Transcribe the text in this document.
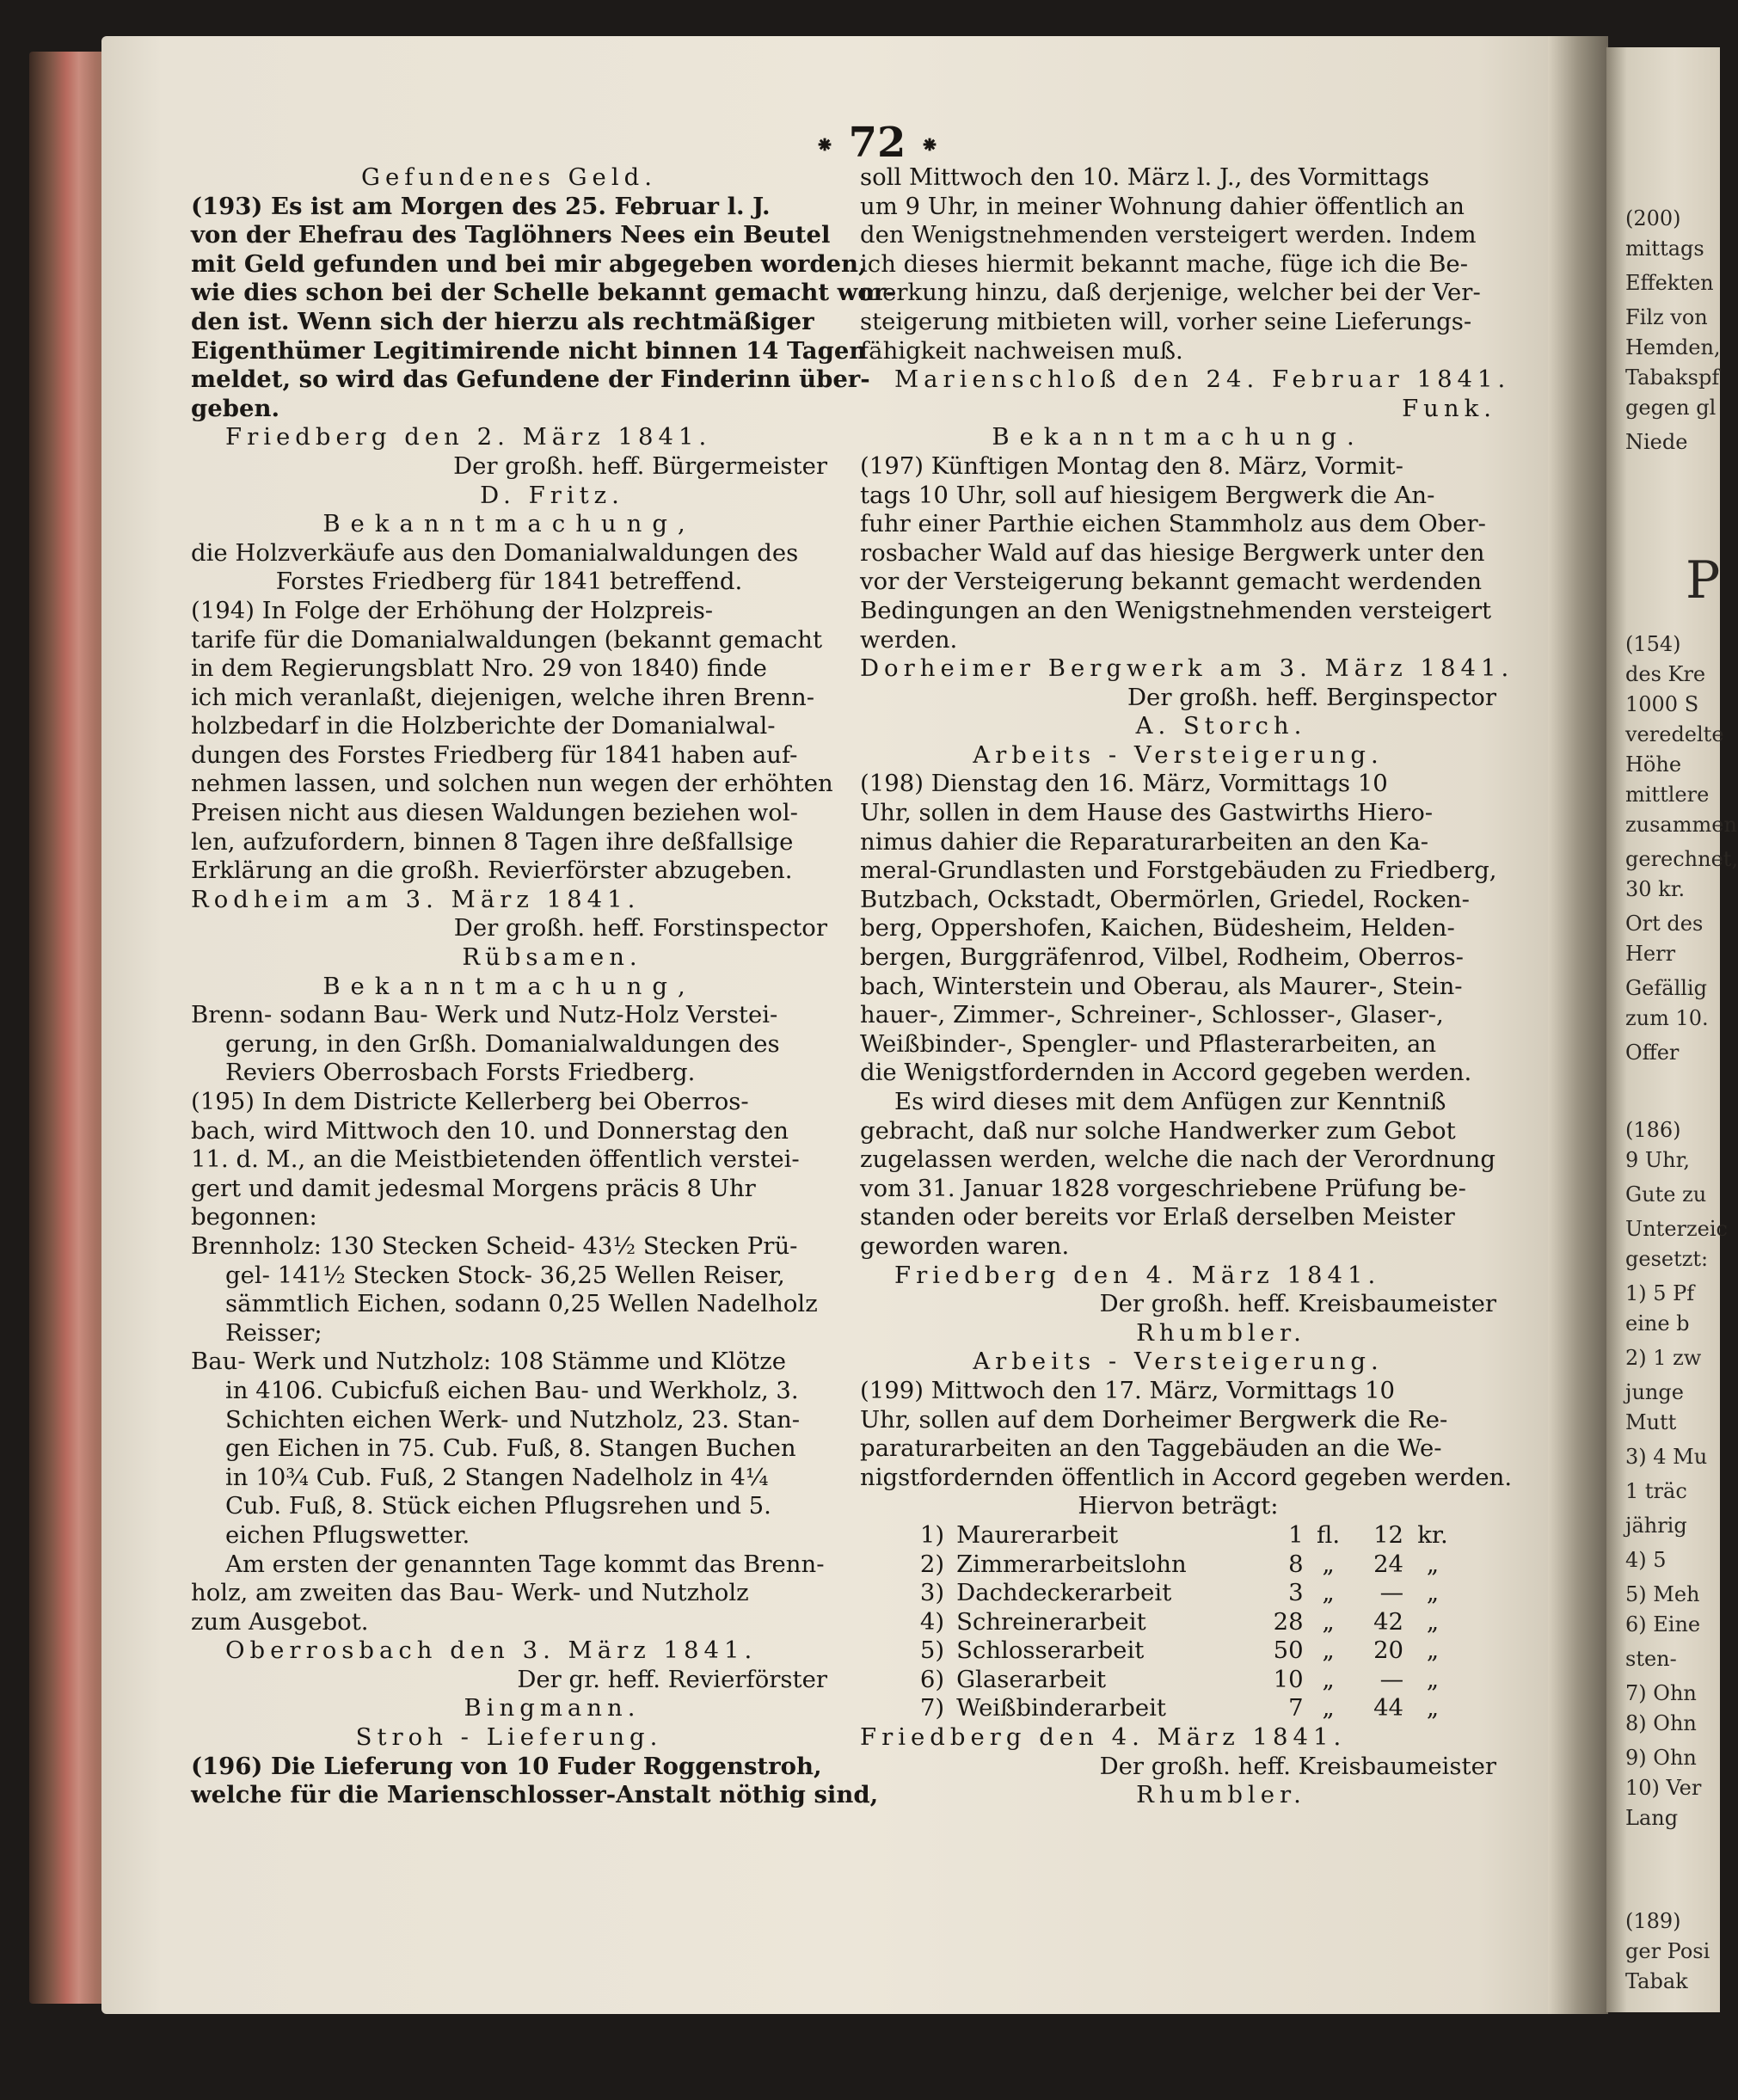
⁕ 72 ⁕
Gefundenes Geld.
(193) Es ist am Morgen des 25. Februar l. J.
von der Ehefrau des Taglöhners Nees ein Beutel
mit Geld gefunden und bei mir abgegeben worden,
wie dies schon bei der Schelle bekannt gemacht wor-
den ist. Wenn sich der hierzu als rechtmäßiger
Eigenthümer Legitimirende nicht binnen 14 Tagen
meldet, so wird das Gefundene der Finderinn über-
geben.
Friedberg den 2. März 1841.
Der großh. heff. Bürgermeister
D. Fritz.
Bekanntmachung,
die Holzverkäufe aus den Domanialwaldungen des
Forstes Friedberg für 1841 betreffend.
(194) In Folge der Erhöhung der Holzpreis-
tarife für die Domanialwaldungen (bekannt gemacht
in dem Regierungsblatt Nro. 29 von 1840) finde
ich mich veranlaßt, diejenigen, welche ihren Brenn-
holzbedarf in die Holzberichte der Domanialwal-
dungen des Forstes Friedberg für 1841 haben auf-
nehmen lassen, und solchen nun wegen der erhöhten
Preisen nicht aus diesen Waldungen beziehen wol-
len, aufzufordern, binnen 8 Tagen ihre deßfallsige
Erklärung an die großh. Revierförster abzugeben.
Rodheim am 3. März 1841.
Der großh. heff. Forstinspector
Rübsamen.
Bekanntmachung,
Brenn- sodann Bau- Werk und Nutz-Holz Verstei-
gerung, in den Grßh. Domanialwaldungen des
Reviers Oberrosbach Forsts Friedberg.
(195) In dem Districte Kellerberg bei Oberros-
bach, wird Mittwoch den 10. und Donnerstag den
11. d. M., an die Meistbietenden öffentlich verstei-
gert und damit jedesmal Morgens präcis 8 Uhr
begonnen:
Brennholz: 130 Stecken Scheid- 43½ Stecken Prü-
gel- 141½ Stecken Stock- 36,25 Wellen Reiser,
sämmtlich Eichen, sodann 0,25 Wellen Nadelholz
Reisser;
Bau- Werk und Nutzholz: 108 Stämme und Klötze
in 4106. Cubicfuß eichen Bau- und Werkholz, 3.
Schichten eichen Werk- und Nutzholz, 23. Stan-
gen Eichen in 75. Cub. Fuß, 8. Stangen Buchen
in 10¾ Cub. Fuß, 2 Stangen Nadelholz in 4¼
Cub. Fuß, 8. Stück eichen Pflugsrehen und 5.
eichen Pflugswetter.
Am ersten der genannten Tage kommt das Brenn-
holz, am zweiten das Bau- Werk- und Nutzholz
zum Ausgebot.
Oberrosbach den 3. März 1841.
Der gr. heff. Revierförster
Bingmann.
Stroh - Lieferung.
(196) Die Lieferung von 10 Fuder Roggenstroh,
welche für die Marienschlosser-Anstalt nöthig sind,
soll Mittwoch den 10. März l. J., des Vormittags
um 9 Uhr, in meiner Wohnung dahier öffentlich an
den Wenigstnehmenden versteigert werden. Indem
ich dieses hiermit bekannt mache, füge ich die Be-
merkung hinzu, daß derjenige, welcher bei der Ver-
steigerung mitbieten will, vorher seine Lieferungs-
fähigkeit nachweisen muß.
Marienschloß den 24. Februar 1841.
Funk.
Bekanntmachung.
(197) Künftigen Montag den 8. März, Vormit-
tags 10 Uhr, soll auf hiesigem Bergwerk die An-
fuhr einer Parthie eichen Stammholz aus dem Ober-
rosbacher Wald auf das hiesige Bergwerk unter den
vor der Versteigerung bekannt gemacht werdenden
Bedingungen an den Wenigstnehmenden versteigert
werden.
Dorheimer Bergwerk am 3. März 1841.
Der großh. heff. Berginspector
A. Storch.
Arbeits - Versteigerung.
(198) Dienstag den 16. März, Vormittags 10
Uhr, sollen in dem Hause des Gastwirths Hiero-
nimus dahier die Reparaturarbeiten an den Ka-
meral-Grundlasten und Forstgebäuden zu Friedberg,
Butzbach, Ockstadt, Obermörlen, Griedel, Rocken-
berg, Oppershofen, Kaichen, Büdesheim, Helden-
bergen, Burggräfenrod, Vilbel, Rodheim, Oberros-
bach, Winterstein und Oberau, als Maurer-, Stein-
hauer-, Zimmer-, Schreiner-, Schlosser-, Glaser-,
Weißbinder-, Spengler- und Pflasterarbeiten, an
die Wenigstfordernden in Accord gegeben werden.
Es wird dieses mit dem Anfügen zur Kenntniß
gebracht, daß nur solche Handwerker zum Gebot
zugelassen werden, welche die nach der Verordnung
vom 31. Januar 1828 vorgeschriebene Prüfung be-
standen oder bereits vor Erlaß derselben Meister
geworden waren.
Friedberg den 4. März 1841.
Der großh. heff. Kreisbaumeister
Rhumbler.
Arbeits - Versteigerung.
(199) Mittwoch den 17. März, Vormittags 10
Uhr, sollen auf dem Dorheimer Bergwerk die Re-
paraturarbeiten an den Taggebäuden an die We-
nigstfordernden öffentlich in Accord gegeben werden.
Hiervon beträgt:
1)	Maurerarbeit	1	fl.	12	kr.
2)	Zimmerarbeitslohn	8	„	24	„
3)	Dachdeckerarbeit	3	„	—	„
4)	Schreinerarbeit	28	„	42	„
5)	Schlosserarbeit	50	„	20	„
6)	Glaserarbeit	10	„	—	„
7)	Weißbinderarbeit	7	„	44	„
Friedberg den 4. März 1841.
Der großh. heff. Kreisbaumeister
Rhumbler.
(200)
mittags
Effekten
Filz von
Hemden,
Tabakspf
gegen gl
Niede
P
(154)
des Kre
1000 S
veredelte
Höhe
mittlere
zusammen
gerechnet,
30 kr.
Ort des
Herr
Gefällig
zum 10.
Offer
(186)
9 Uhr,
Gute zu
Unterzeic
gesetzt:
1) 5 Pf
eine b
2) 1 zw
junge
Mutt
3) 4 Mu
1 träc
jährig
4) 5
5) Meh
6) Eine
sten-
7) Ohn
8) Ohn
9) Ohn
10) Ver
Lang
(189)
ger Posi
Tabak
